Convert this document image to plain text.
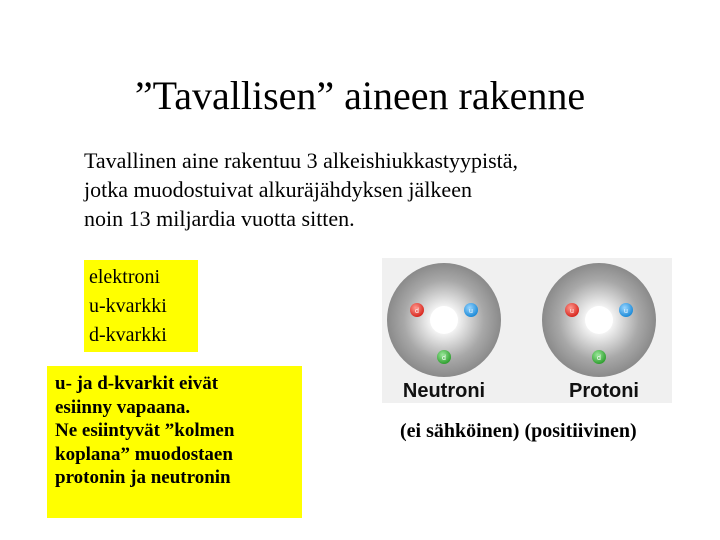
”Tavallisen” aineen rakenne
Tavallinen aine rakentuu 3 alkeishiukkastyypistä,
jotka muodostuivat alkuräjähdyksen jälkeen
noin 13 miljardia vuotta sitten.
elektroni
u-kvarkki
d-kvarkki
u- ja d-kvarkit eivät
esiinny vapaana.
Ne esiintyvät ”kolmen
koplana” muodostaen
protonin ja neutronin
d	u
d
u	u
d
Neutroni	Protoni
(ei sähköinen) (positiivinen)
